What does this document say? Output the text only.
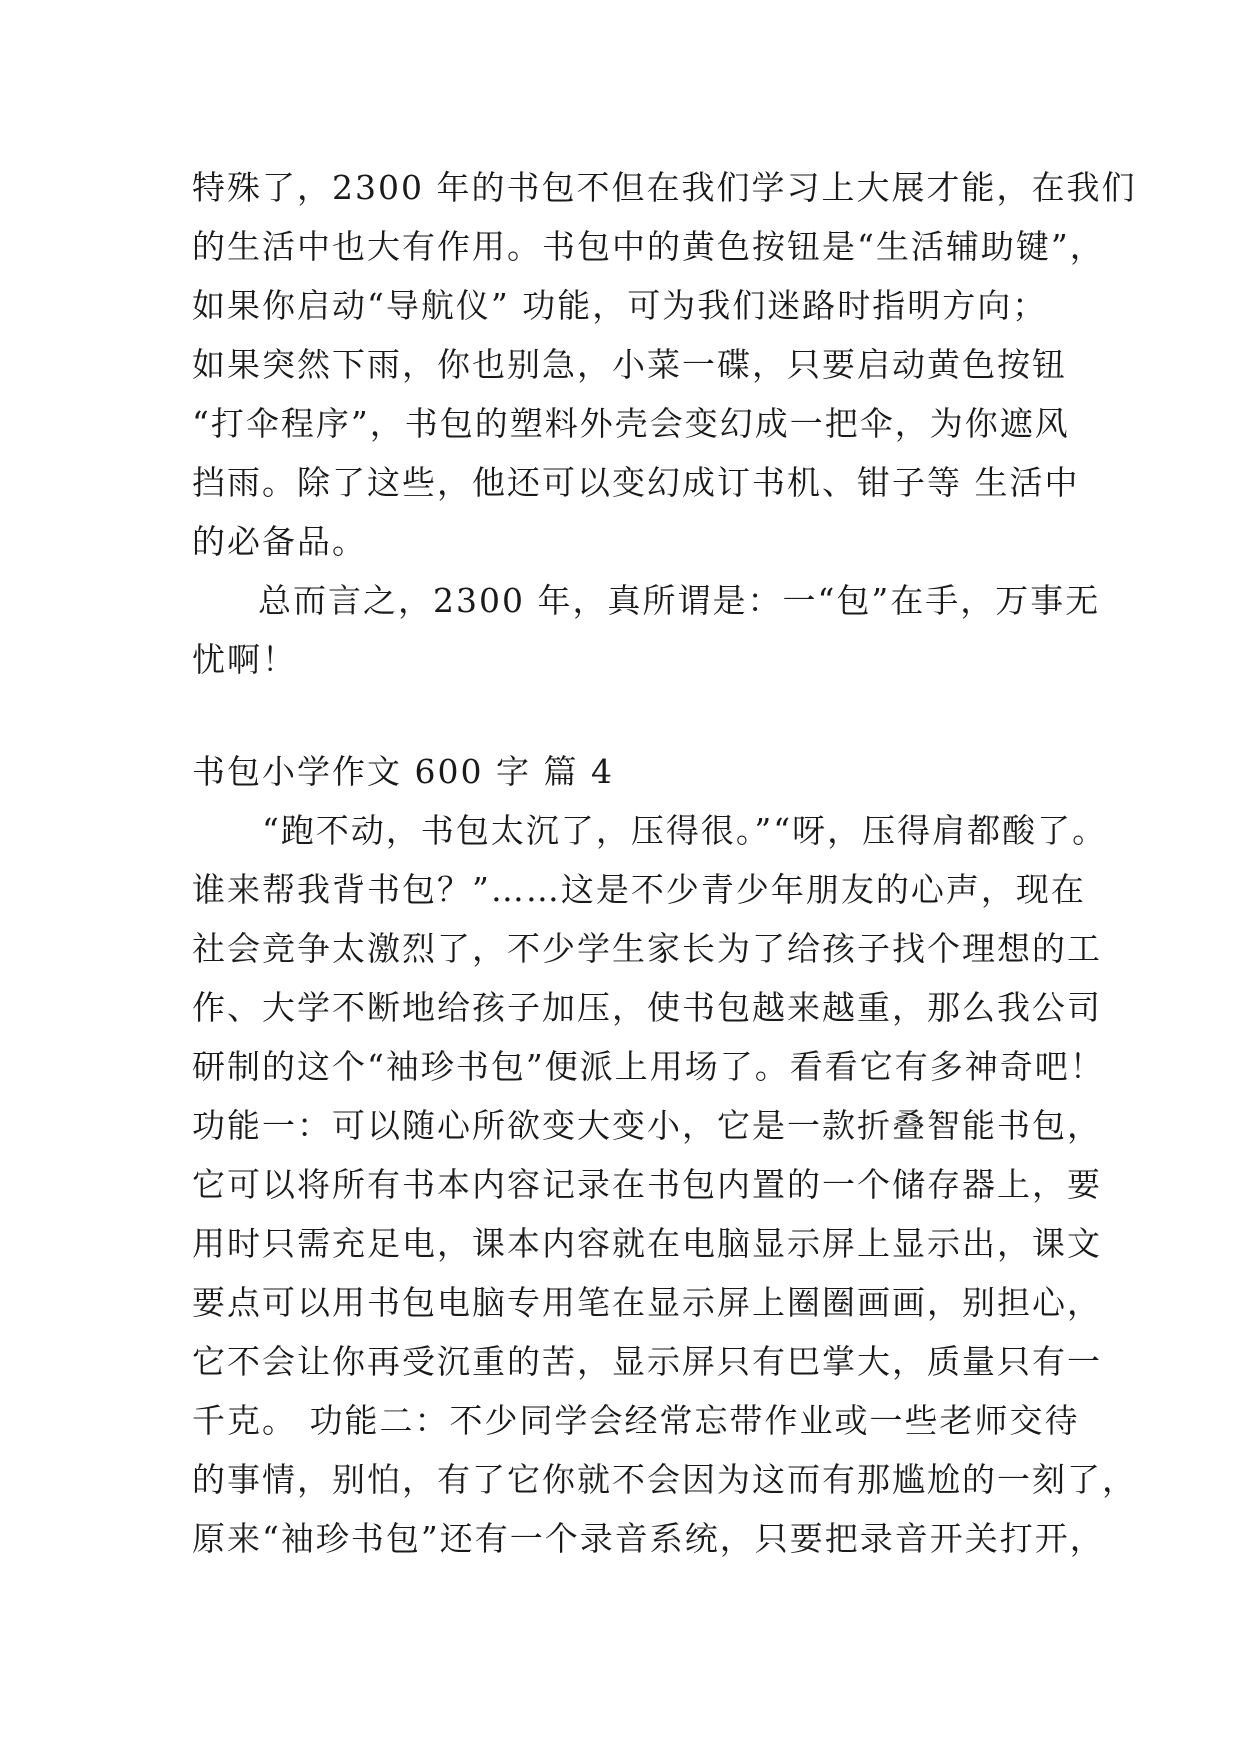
特殊了，2300 年的书包不但在我们学习上大展才能，在我们
的生活中也大有作用。书包中的黄色按钮是“生活辅助键”，
如果你启动“导航仪” 功能，可为我们迷路时指明方向；
如果突然下雨，你也别急，小菜一碟，只要启动黄色按钮
“打伞程序”，书包的塑料外壳会变幻成一把伞，为你遮风
挡雨。除了这些，他还可以变幻成订书机、钳子等 生活中
的必备品。
总而言之，2300 年，真所谓是：一“包”在手，万事无
忧啊！
书包小学作文 600 字 篇 4
“跑不动，书包太沉了，压得很。”“呀，压得肩都酸了。
谁来帮我背书包？”……这是不少青少年朋友的心声，现在
社会竞争太激烈了，不少学生家长为了给孩子找个理想的工
作、大学不断地给孩子加压，使书包越来越重，那么我公司
研制的这个“袖珍书包”便派上用场了。看看它有多神奇吧！
功能一：可以随心所欲变大变小，它是一款折叠智能书包，
它可以将所有书本内容记录在书包内置的一个储存器上，要
用时只需充足电，课本内容就在电脑显示屏上显示出，课文
要点可以用书包电脑专用笔在显示屏上圈圈画画，别担心，
它不会让你再受沉重的苦，显示屏只有巴掌大，质量只有一
千克。 功能二：不少同学会经常忘带作业或一些老师交待
的事情，别怕，有了它你就不会因为这而有那尴尬的一刻了，
原来“袖珍书包”还有一个录音系统，只要把录音开关打开，
